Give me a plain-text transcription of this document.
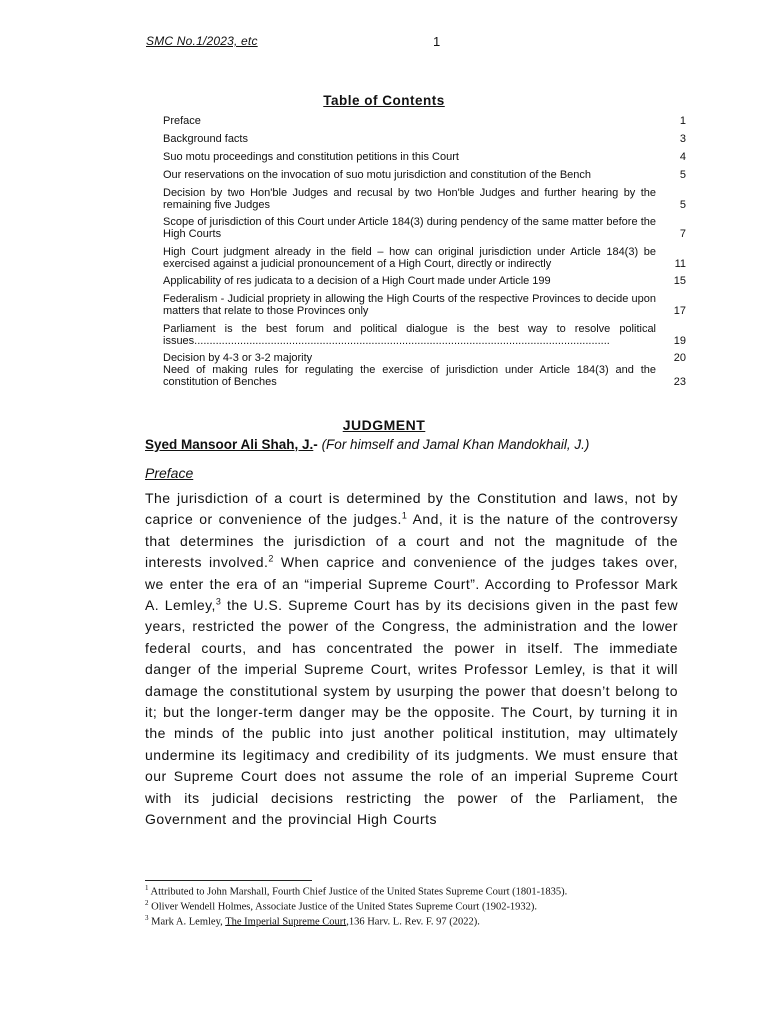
SMC No.1/2023, etc	1
Table of Contents
Preface	1
Background facts	3
Suo motu proceedings and constitution petitions in this Court	4
Our reservations on the invocation of suo motu jurisdiction and constitution of the Bench	5
Decision by two Hon'ble Judges and recusal by two Hon'ble Judges and further hearing by the remaining five Judges	5
Scope of jurisdiction of this Court under Article 184(3) during pendency of the same matter before the High Courts	7
High Court judgment already in the field – how can original jurisdiction under Article 184(3) be exercised against a judicial pronouncement of a High Court, directly or indirectly	11
Applicability of res judicata to a decision of a High Court made under Article 199	15
Federalism - Judicial propriety in allowing the High Courts of the respective Provinces to decide upon matters that relate to those Provinces only	17
Parliament is the best forum and political dialogue is the best way to resolve political issues........................................................................................................................................	19
Decision by 4-3 or 3-2 majority	20
Need of making rules for regulating the exercise of jurisdiction under Article 184(3) and the constitution of Benches	23
JUDGMENT
Syed Mansoor Ali Shah, J.- (For himself and Jamal Khan Mandokhail, J.)
Preface
The jurisdiction of a court is determined by the Constitution and laws, not by caprice or convenience of the judges.$^1$ And, it is the nature of the controversy that determines the jurisdiction of a court and not the magnitude of the interests involved.$^2$ When caprice and convenience of the judges takes over, we enter the era of an “imperial Supreme Court”. According to Professor Mark A. Lemley,$^3$ the U.S. Supreme Court has by its decisions given in the past few years, restricted the power of the Congress, the administration and the lower federal courts, and has concentrated the power in itself. The immediate danger of the imperial Supreme Court, writes Professor Lemley, is that it will damage the constitutional system by usurping the power that doesn’t belong to it; but the longer-term danger may be the opposite. The Court, by turning it in the minds of the public into just another political institution, may ultimately undermine its legitimacy and credibility of its judgments. We must ensure that our Supreme Court does not assume the role of an imperial Supreme Court with its judicial decisions restricting the power of the Parliament, the Government and the provincial High Courts
$^1$ Attributed to John Marshall, Fourth Chief Justice of the United States Supreme Court (1801-1835).
$^2$ Oliver Wendell Holmes, Associate Justice of the United States Supreme Court (1902-1932).
$^3$ Mark A. Lemley, The Imperial Supreme Court,136 Harv. L. Rev. F. 97 (2022).
